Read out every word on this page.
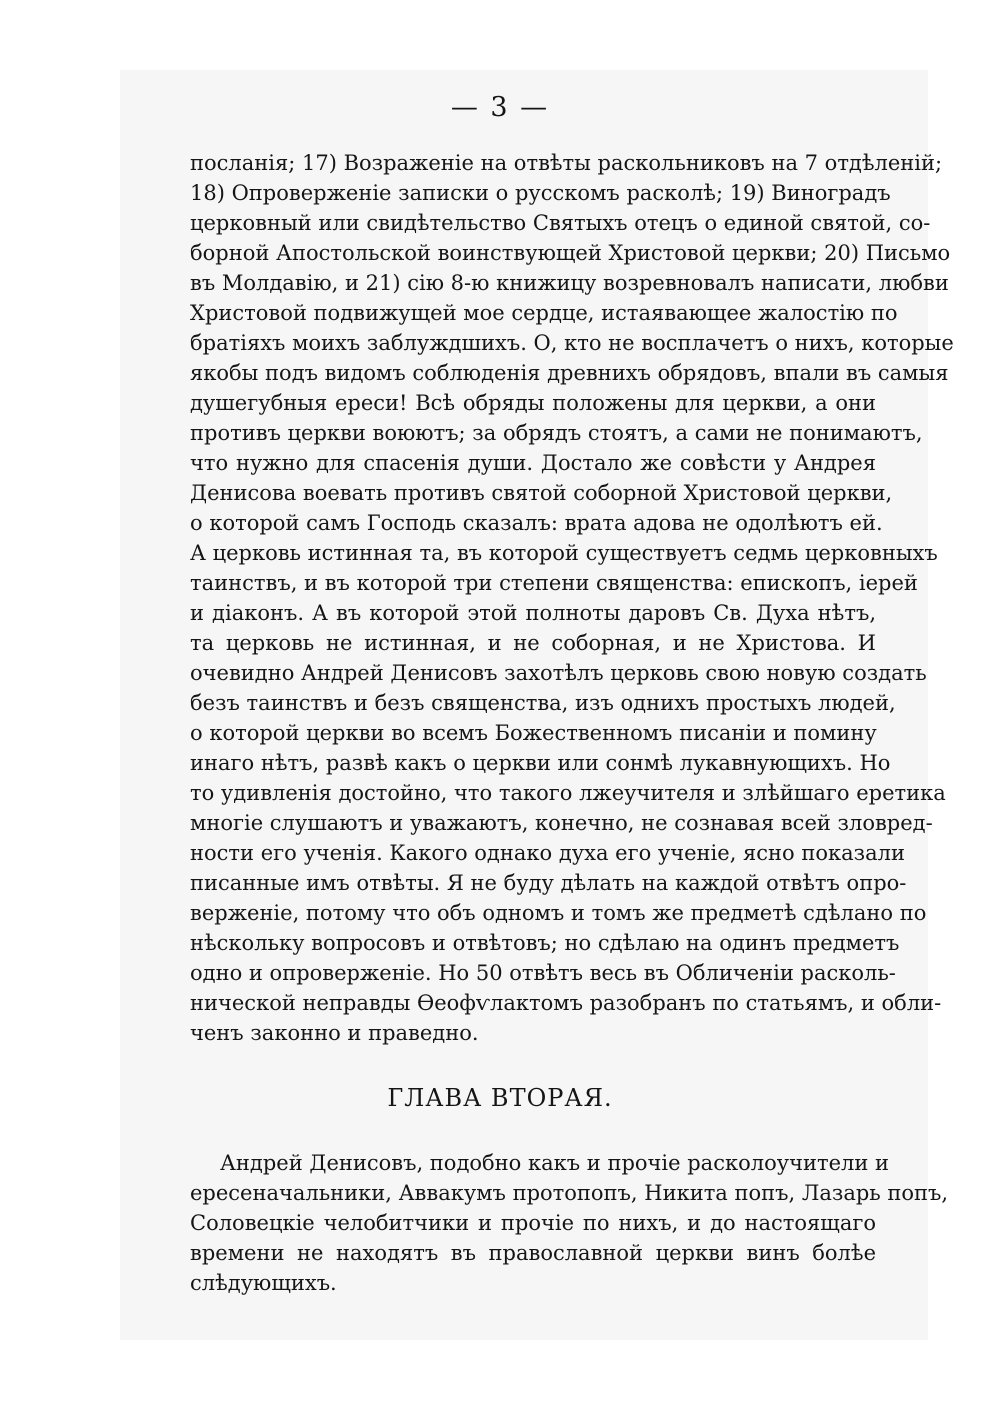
— 3 —
посланія; 17) Возраженіе на отвѣты раскольниковъ на 7 отдѣленій;
18) Опроверженіе записки о русскомъ расколѣ; 19) Виноградъ
церковный или свидѣтельство Святыхъ отецъ о единой святой, со-
борной Апостольской воинствующей Христовой церкви; 20) Письмо
въ Молдавію, и 21) сію 8-ю книжицу возревновалъ написати, любви
Христовой подвижущей мое сердце, истаявающее жалостію по
братіяхъ моихъ заблуждшихъ. О, кто не восплачетъ о нихъ, которые
якобы подъ видомъ соблюденія древнихъ обрядовъ, впали въ самыя
душегубныя ереси! Всѣ обряды положены для церкви, а они
противъ церкви воюютъ; за обрядъ стоятъ, а сами не понимаютъ,
что нужно для спасенія души. Достало же совѣсти у Андрея
Денисова воевать противъ святой соборной Христовой церкви,
о которой самъ Господь сказалъ: врата адова не одолѣютъ ей.
А церковь истинная та, въ которой существуетъ седмь церковныхъ
таинствъ, и въ которой три степени священства: епископъ, іерей
и діаконъ. А въ которой этой полноты даровъ Св. Духа нѣтъ,
та церковь не истинная, и не соборная, и не Христова. И
очевидно Андрей Денисовъ захотѣлъ церковь свою новую создать
безъ таинствъ и безъ священства, изъ однихъ простыхъ людей,
о которой церкви во всемъ Божественномъ писаніи и помину
инаго нѣтъ, развѣ какъ о церкви или сонмѣ лукавнующихъ. Но
то удивленія достойно, что такого лжеучителя и злѣйшаго еретика
многіе слушаютъ и уважаютъ, конечно, не сознавая всей зловред-
ности его ученія. Какого однако духа его ученіе, ясно показали
писанные имъ отвѣты. Я не буду дѣлать на каждой отвѣтъ опро-
верженіе, потому что объ одномъ и томъ же предметѣ сдѣлано по
нѣскольку вопросовъ и отвѣтовъ; но сдѣлаю на одинъ предметъ
одно и опроверженіе. Но 50 отвѣтъ весь въ Обличеніи расколь-
нической неправды Ѳеофѵлактомъ разобранъ по статьямъ, и обли-
ченъ законно и праведно.
ГЛАВА ВТОРАЯ.
Андрей Денисовъ, подобно какъ и прочіе расколоучители и
ересеначальники, Аввакумъ протопопъ, Никита попъ, Лазарь попъ,
Соловецкіе челобитчики и прочіе по нихъ, и до настоящаго
времени не находятъ въ православной церкви винъ болѣе
слѣдующихъ.
